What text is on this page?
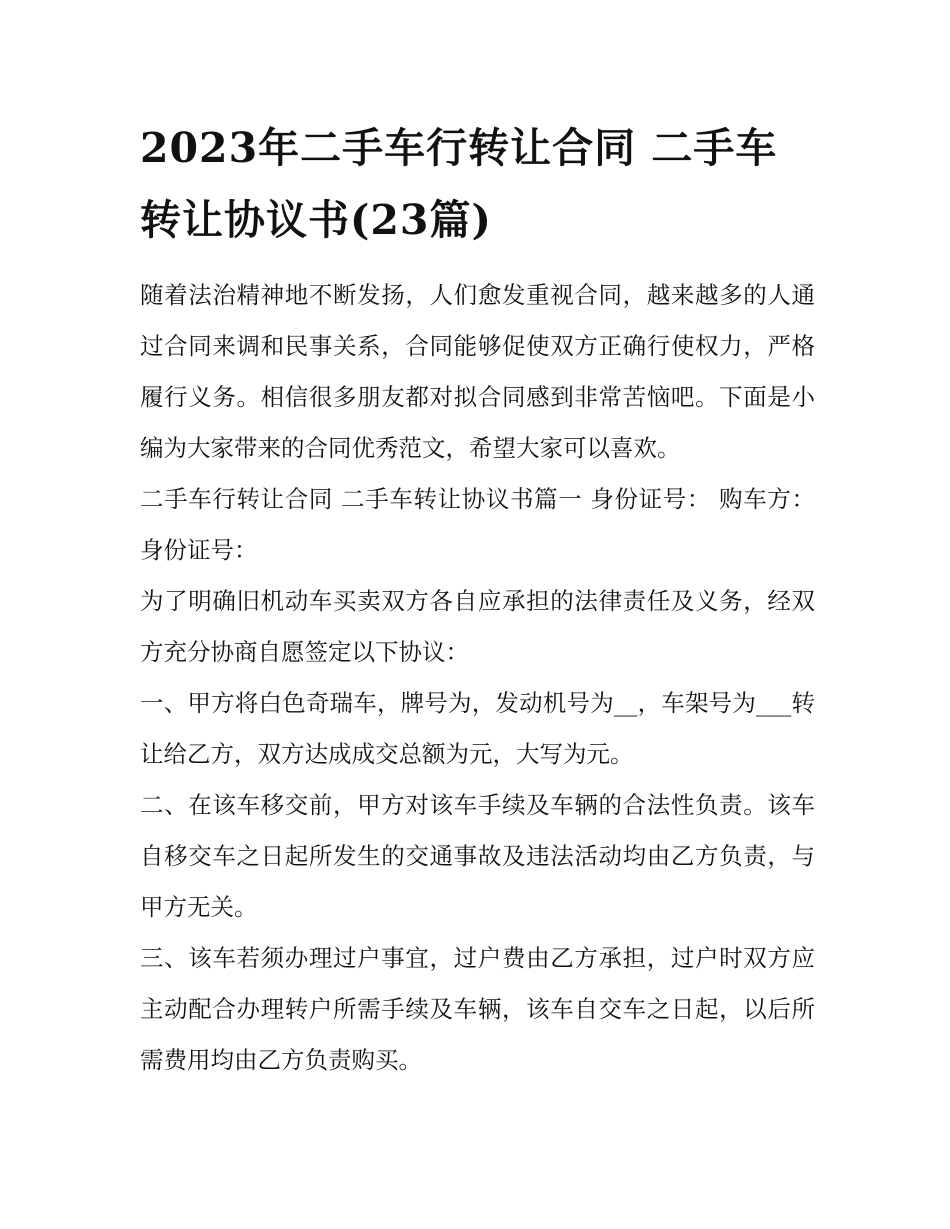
2023年二手车行转让合同 二手车转让协议书(23篇)

随着法治精神地不断发扬，人们愈发重视合同，越来越多的人通过合同来调和民事关系，合同能够促使双方正确行使权力，严格履行义务。相信很多朋友都对拟合同感到非常苦恼吧。下面是小编为大家带来的合同优秀范文，希望大家可以喜欢。

二手车行转让合同 二手车转让协议书篇一 身份证号： 购车方： 身份证号：

为了明确旧机动车买卖双方各自应承担的法律责任及义务，经双方充分协商自愿签定以下协议：

一、甲方将白色奇瑞车，牌号为，发动机号为__，车架号为___转让给乙方，双方达成成交总额为元，大写为元。

二、在该车移交前，甲方对该车手续及车辆的合法性负责。该车自移交车之日起所发生的交通事故及违法活动均由乙方负责，与甲方无关。

三、该车若须办理过户事宜，过户费由乙方承担，过户时双方应主动配合办理转户所需手续及车辆，该车自交车之日起，以后所需费用均由乙方负责购买。
